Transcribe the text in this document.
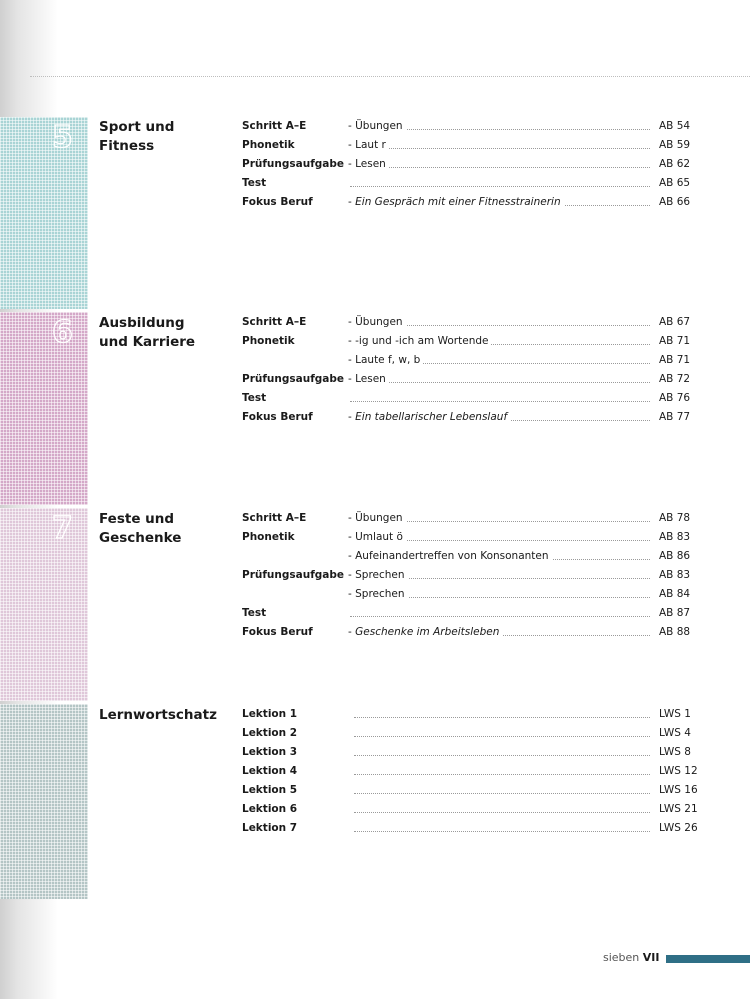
5 Sport und Fitness
Schritt A–E	- Übungen	AB 54
Phonetik	- Laut r	AB 59
Prüfungsaufgabe - Lesen	AB 62
Test	AB 65
Fokus Beruf	- Ein Gespräch mit einer Fitnesstrainerin	AB 66
6 Ausbildung
und Karriere
Schritt A–E	- Übungen	AB 67
Phonetik	- -ig und -ich am Wortende	AB 71
- Laute f, w, b	AB 71
Prüfungsaufgabe - Lesen	AB 72
Test	AB 76
Fokus Beruf	- Ein tabellarischer Lebenslauf	AB 77
7 Feste und
Geschenke
Schritt A–E	- Übungen	AB 78
Phonetik	- Umlaut ö	AB 83
- Aufeinandertreffen von Konsonanten	AB 86
Prüfungsaufgabe - Sprechen	AB 83
- Sprechen	AB 84
Test	AB 87
Fokus Beruf	- Geschenke im Arbeitsleben	AB 88
Lernwortschatz	Lektion 1	LWS 1
Lektion 2	LWS 4
Lektion 3	LWS 8
Lektion 4	LWS 12
Lektion 5	LWS 16
Lektion 6	LWS 21
Lektion 7	LWS 26
sieben VII
